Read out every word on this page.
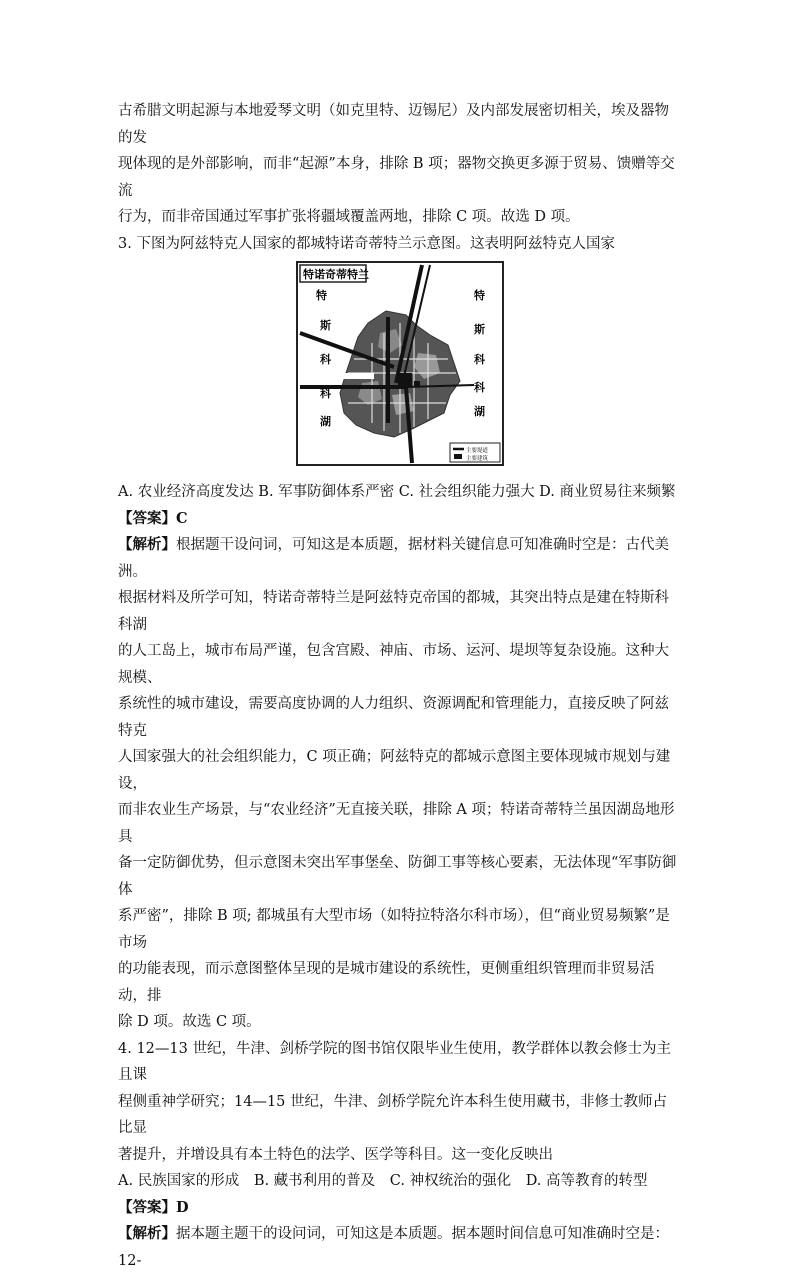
古希腊文明起源与本地爱琴文明（如克里特、迈锡尼）及内部发展密切相关，埃及器物的发

现体现的是外部影响，而非“起源”本身，排除 B 项；器物交换更多源于贸易、馈赠等交流

行为，而非帝国通过军事扩张将疆域覆盖两地，排除 C 项。故选 D 项。

3. 下图为阿兹特克人国家的都城特诺奇蒂特兰示意图。这表明阿兹特克人国家

特诺奇蒂特兰
特
斯
科
科
湖
特
斯
科
科
湖
主要堤道
主要建筑

A. 农业经济高度发达 B. 军事防御体系严密 C. 社会组织能力强大 D. 商业贸易往来频繁

【答案】C

【解析】根据题干设问词，可知这是本质题，据材料关键信息可知准确时空是：古代美洲。

根据材料及所学可知，特诺奇蒂特兰是阿兹特克帝国的都城，其突出特点是建在特斯科科湖

的人工岛上，城市布局严谨，包含宫殿、神庙、市场、运河、堤坝等复杂设施。这种大规模、

系统性的城市建设，需要高度协调的人力组织、资源调配和管理能力，直接反映了阿兹特克

人国家强大的社会组织能力，C 项正确；阿兹特克的都城示意图主要体现城市规划与建设，

而非农业生产场景，与“农业经济”无直接关联，排除 A 项；特诺奇蒂特兰虽因湖岛地形具

备一定防御优势，但示意图未突出军事堡垒、防御工事等核心要素，无法体现“军事防御体

系严密”，排除 B 项; 都城虽有大型市场（如特拉特洛尔科市场），但“商业贸易频繁”是市场

的功能表现，而示意图整体呈现的是城市建设的系统性，更侧重组织管理而非贸易活动，排

除 D 项。故选 C 项。

4. 12—13 世纪，牛津、剑桥学院的图书馆仅限毕业生使用，教学群体以教会修士为主且课

程侧重神学研究；14—15 世纪，牛津、剑桥学院允许本科生使用藏书，非修士教师占比显

著提升，并增设具有本土特色的法学、医学等科目。这一变化反映出

A. 民族国家的形成 B. 藏书利用的普及 C. 神权统治的强化 D. 高等教育的转型

【答案】D

【解析】据本题主题干的设问词，可知这是本质题。据本题时间信息可知准确时空是：12-
